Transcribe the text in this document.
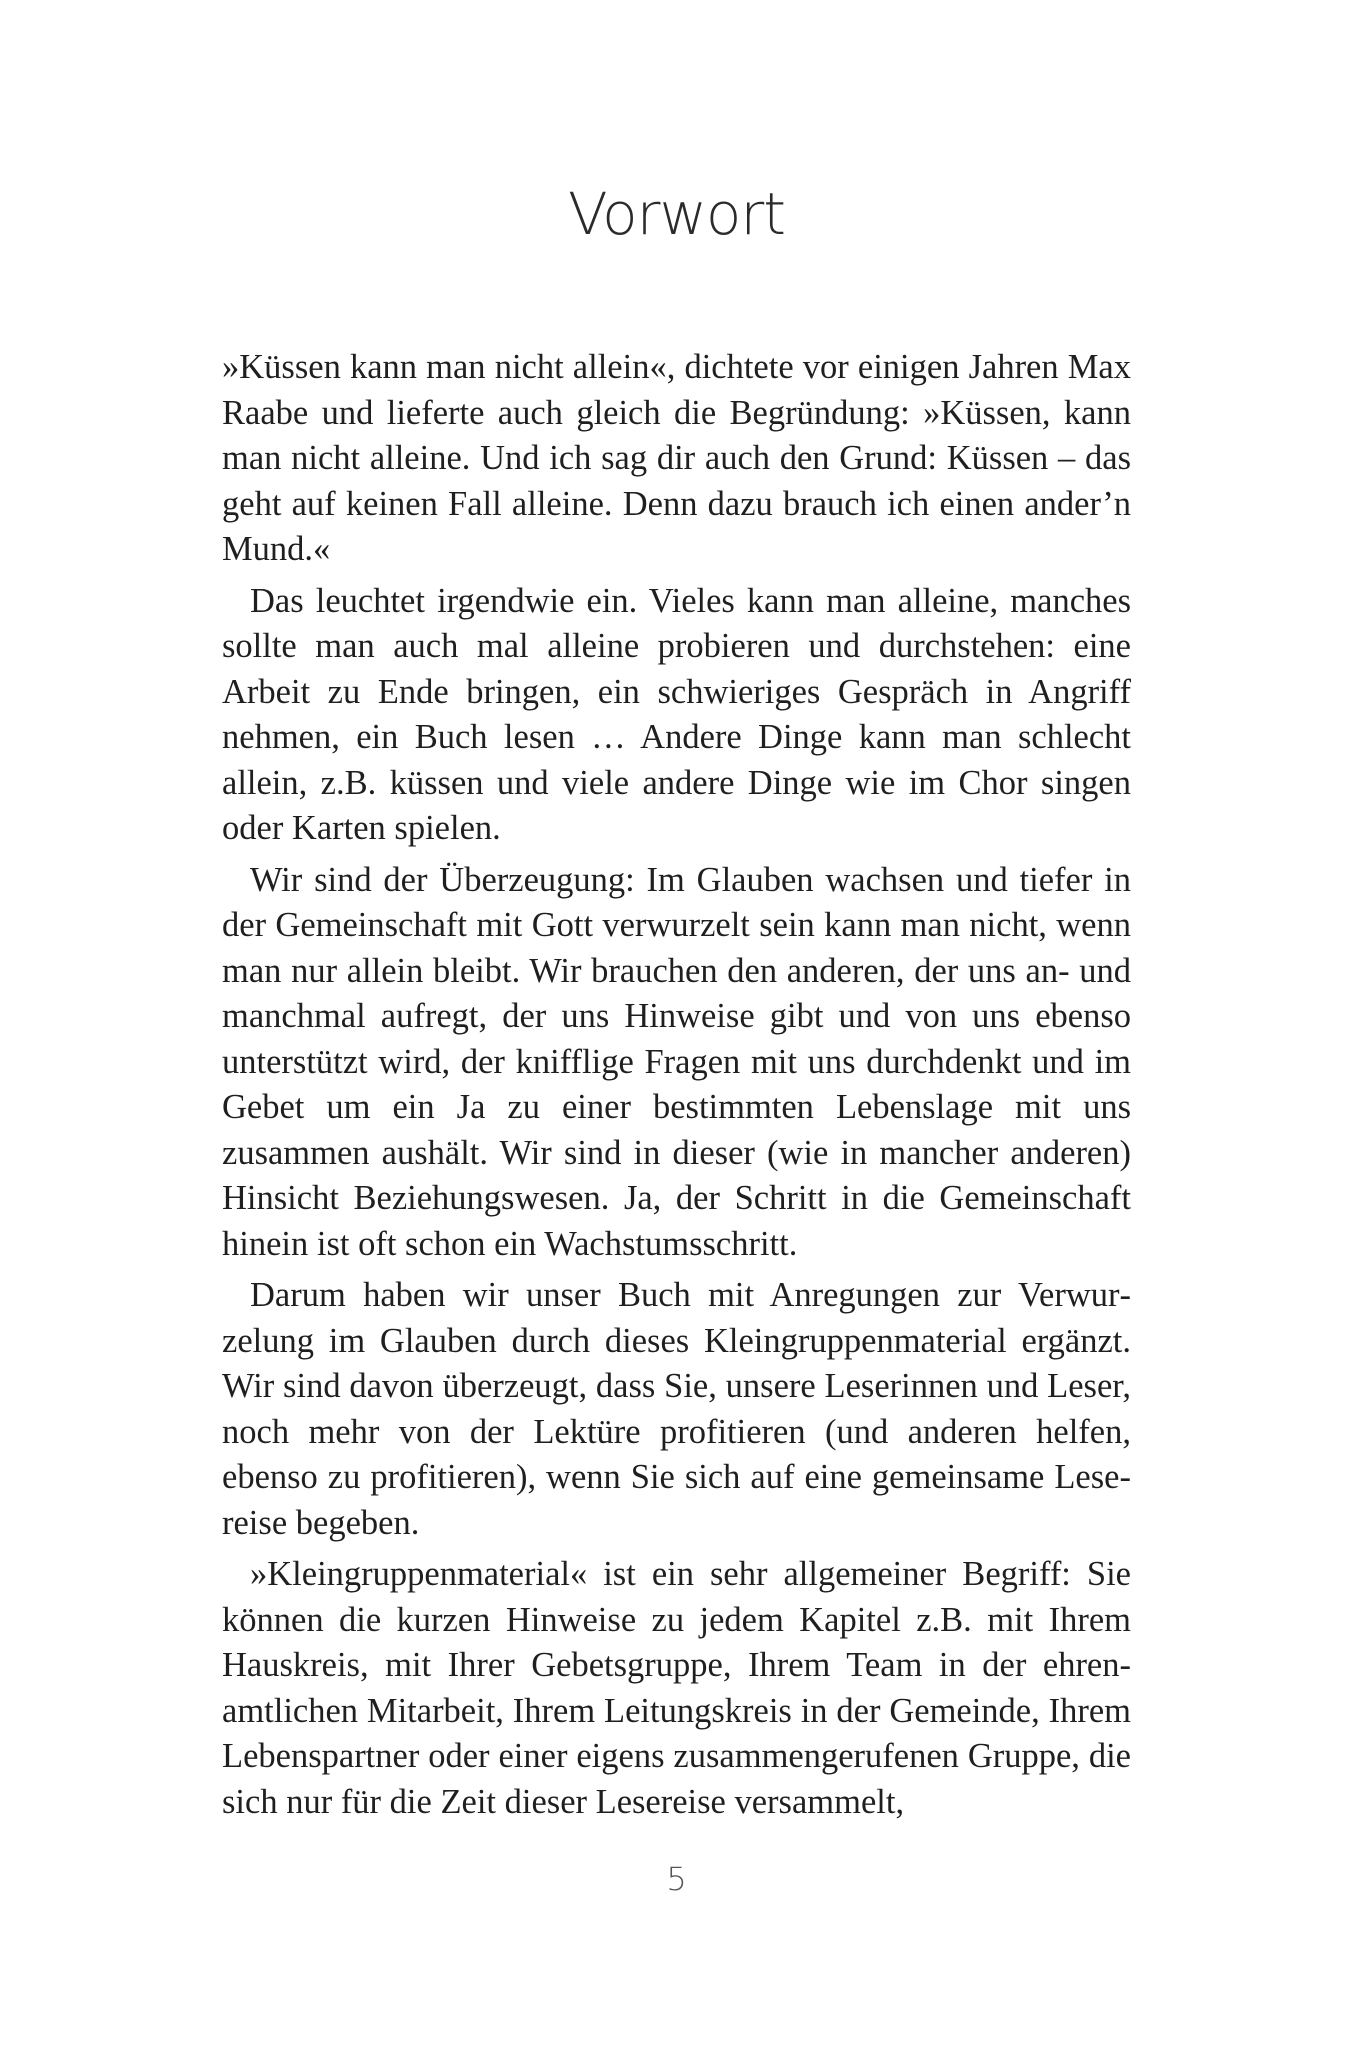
Vorwort

»Küssen kann man nicht allein«, dichtete vor einigen Jahren Max Raabe und lieferte auch gleich die Begründung: »Küssen, kann man nicht alleine. Und ich sag dir auch den Grund: Küssen – das geht auf keinen Fall alleine. Denn dazu brauch ich einen ander’n Mund.«

Das leuchtet irgendwie ein. Vieles kann man alleine, manches sollte man auch mal alleine probieren und durchstehen: eine Arbeit zu Ende bringen, ein schwieriges Gespräch in Angriff nehmen, ein Buch lesen … Andere Dinge kann man schlecht allein, z.B. küssen und viele andere Dinge wie im Chor singen oder Karten spielen.

Wir sind der Überzeugung: Im Glauben wachsen und tiefer in der Gemeinschaft mit Gott verwurzelt sein kann man nicht, wenn man nur allein bleibt. Wir brauchen den anderen, der uns an- und manchmal aufregt, der uns Hinweise gibt und von uns ebenso unterstützt wird, der knifflige Fragen mit uns durchdenkt und im Gebet um ein Ja zu einer bestimmten Lebenslage mit uns zusammen aushält. Wir sind in dieser (wie in mancher anderen) Hinsicht Beziehungswesen. Ja, der Schritt in die Gemeinschaft hinein ist oft schon ein Wachstumsschritt.

Darum haben wir unser Buch mit Anregungen zur Verwurzelung im Glauben durch dieses Kleingruppenmaterial ergänzt. Wir sind davon überzeugt, dass Sie, unsere Leserinnen und Leser, noch mehr von der Lektüre profitieren (und anderen helfen, ebenso zu profitieren), wenn Sie sich auf eine gemeinsame Lesereise begeben.

»Kleingruppenmaterial« ist ein sehr allgemeiner Begriff: Sie können die kurzen Hinweise zu jedem Kapitel z.B. mit Ihrem Hauskreis, mit Ihrer Gebetsgruppe, Ihrem Team in der ehrenamtlichen Mitarbeit, Ihrem Leitungskreis in der Gemeinde, Ihrem Lebenspartner oder einer eigens zusammengerufenen Gruppe, die sich nur für die Zeit dieser Lesereise versammelt,

5
